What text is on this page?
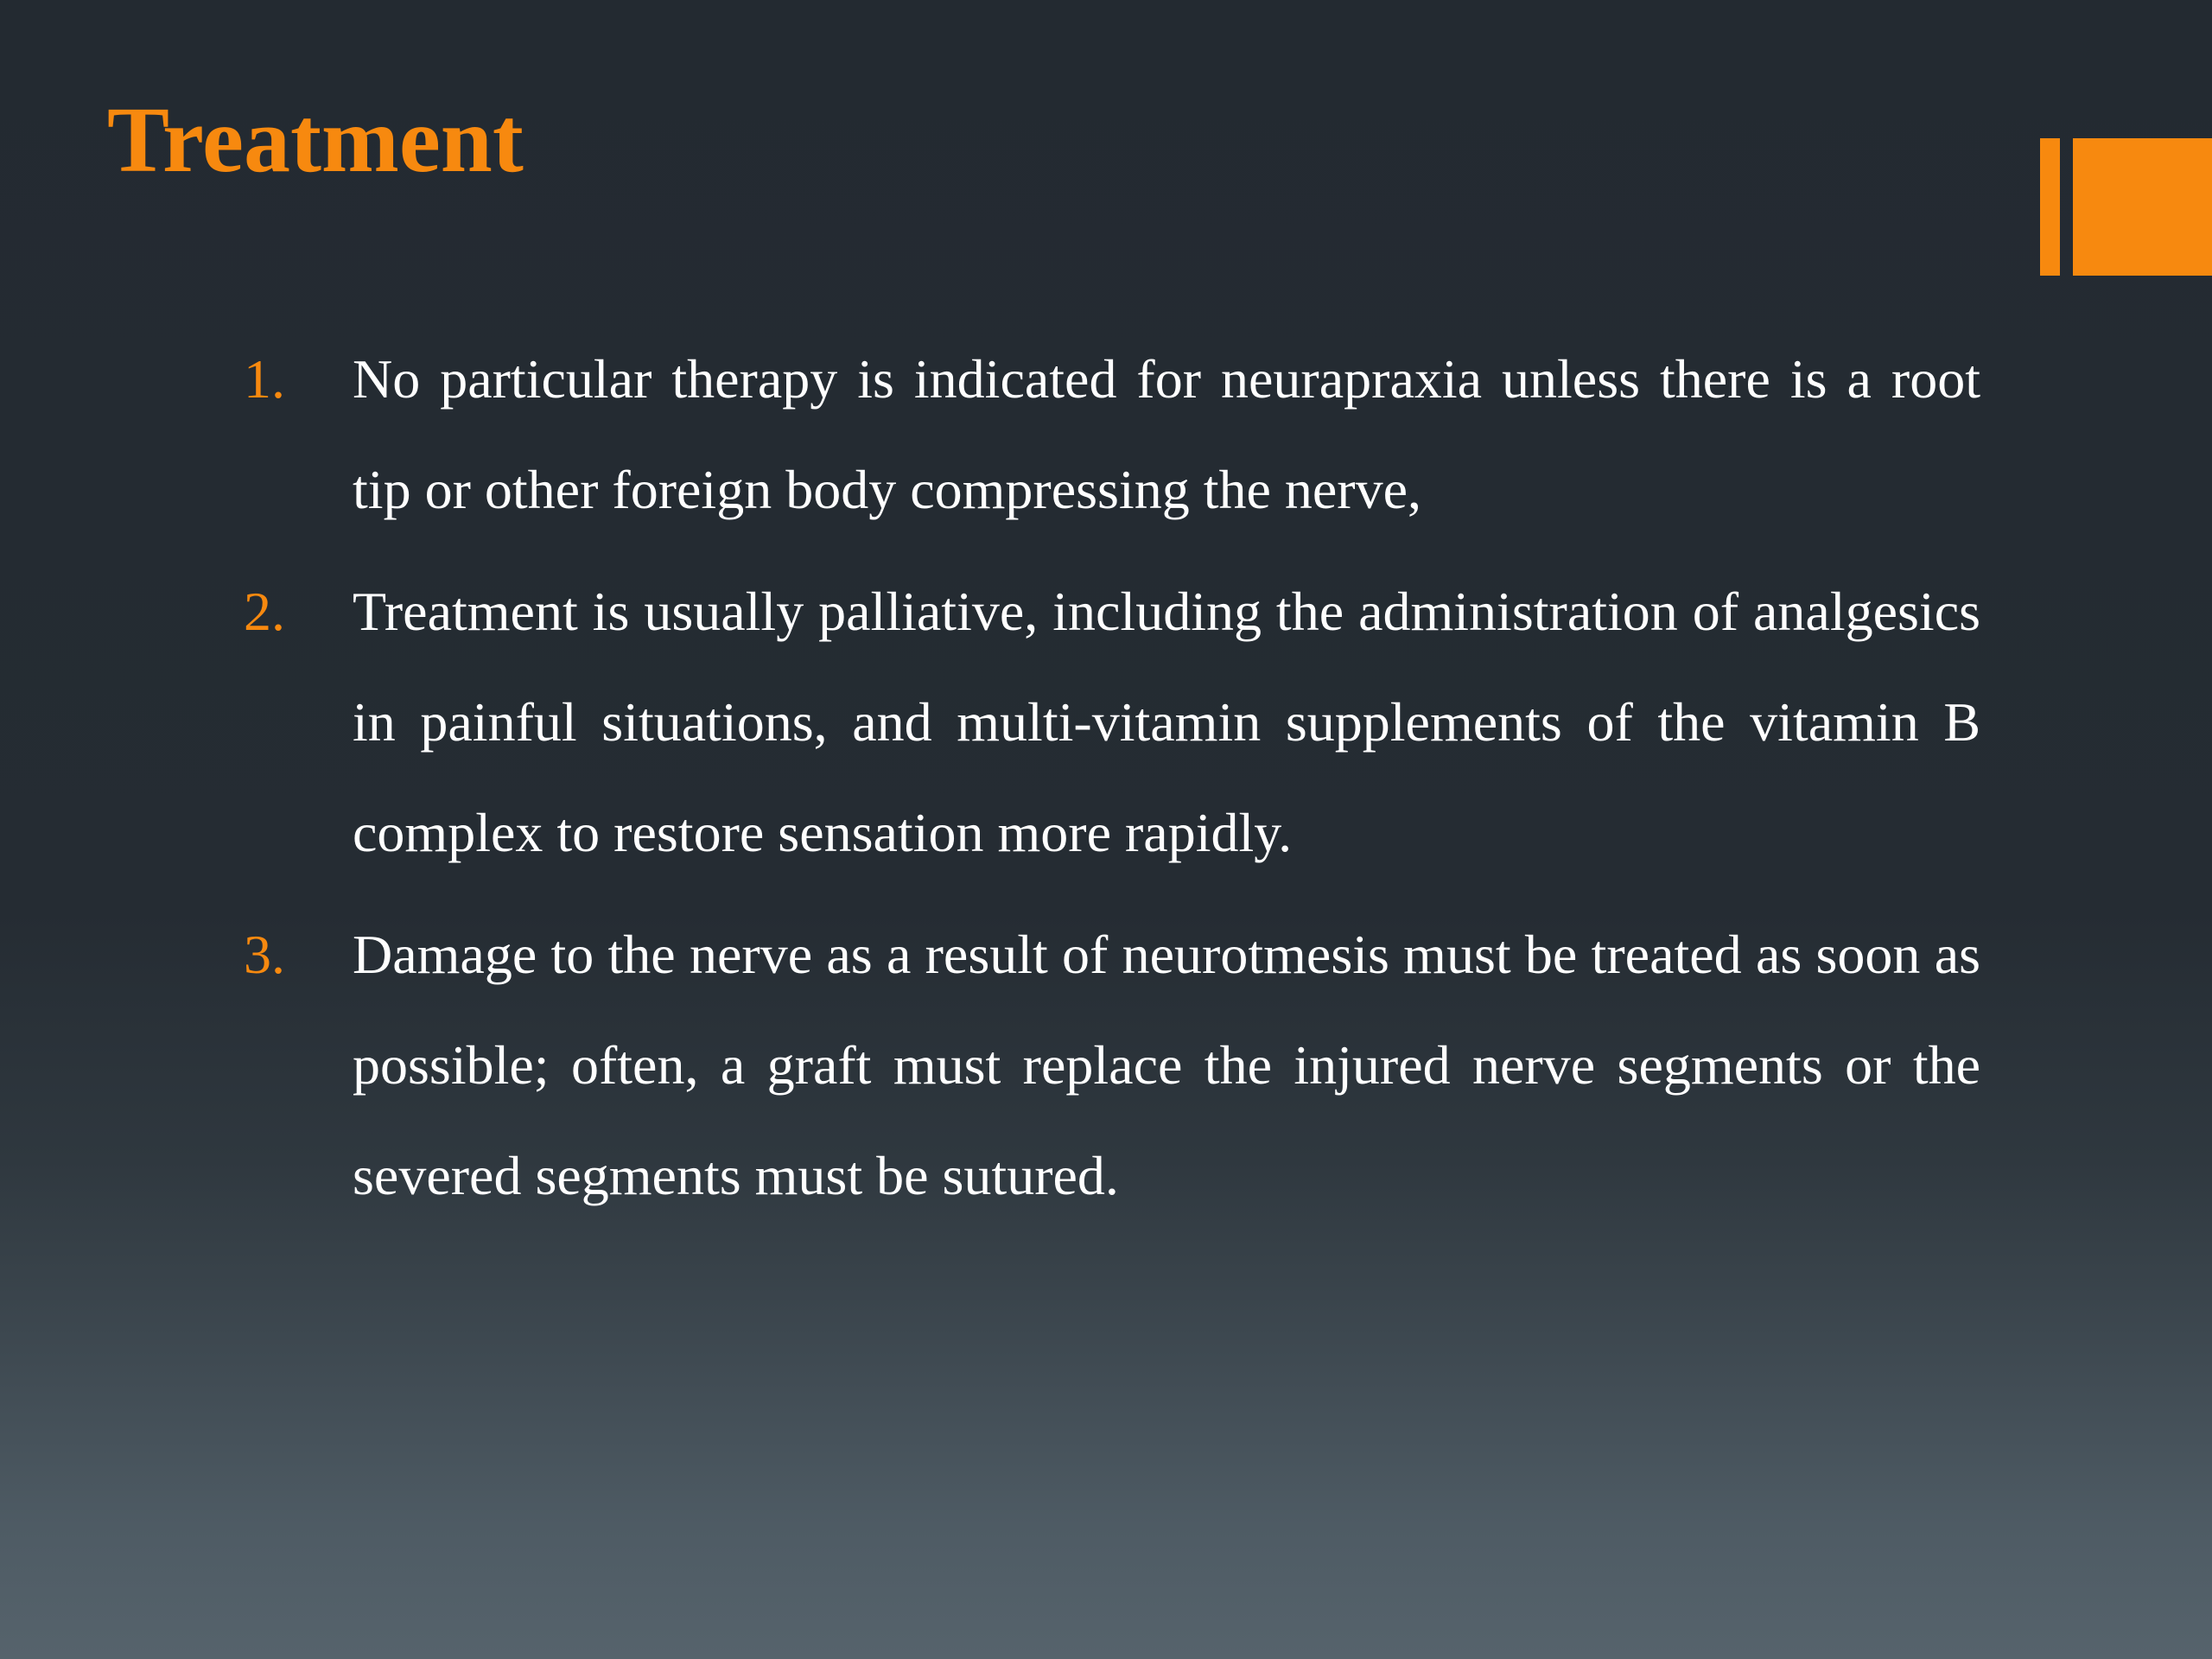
Treatment
1. No particular therapy is indicated for neurapraxia unless there is a root tip or other foreign body compressing the nerve,
2. Treatment is usually palliative, including the administration of analgesics in painful situations, and multi-vitamin supplements of the vitamin B complex to restore sensation more rapidly.
3. Damage to the nerve as a result of neurotmesis must be treated as soon as possible; often, a graft must replace the injured nerve segments or the severed segments must be sutured.
